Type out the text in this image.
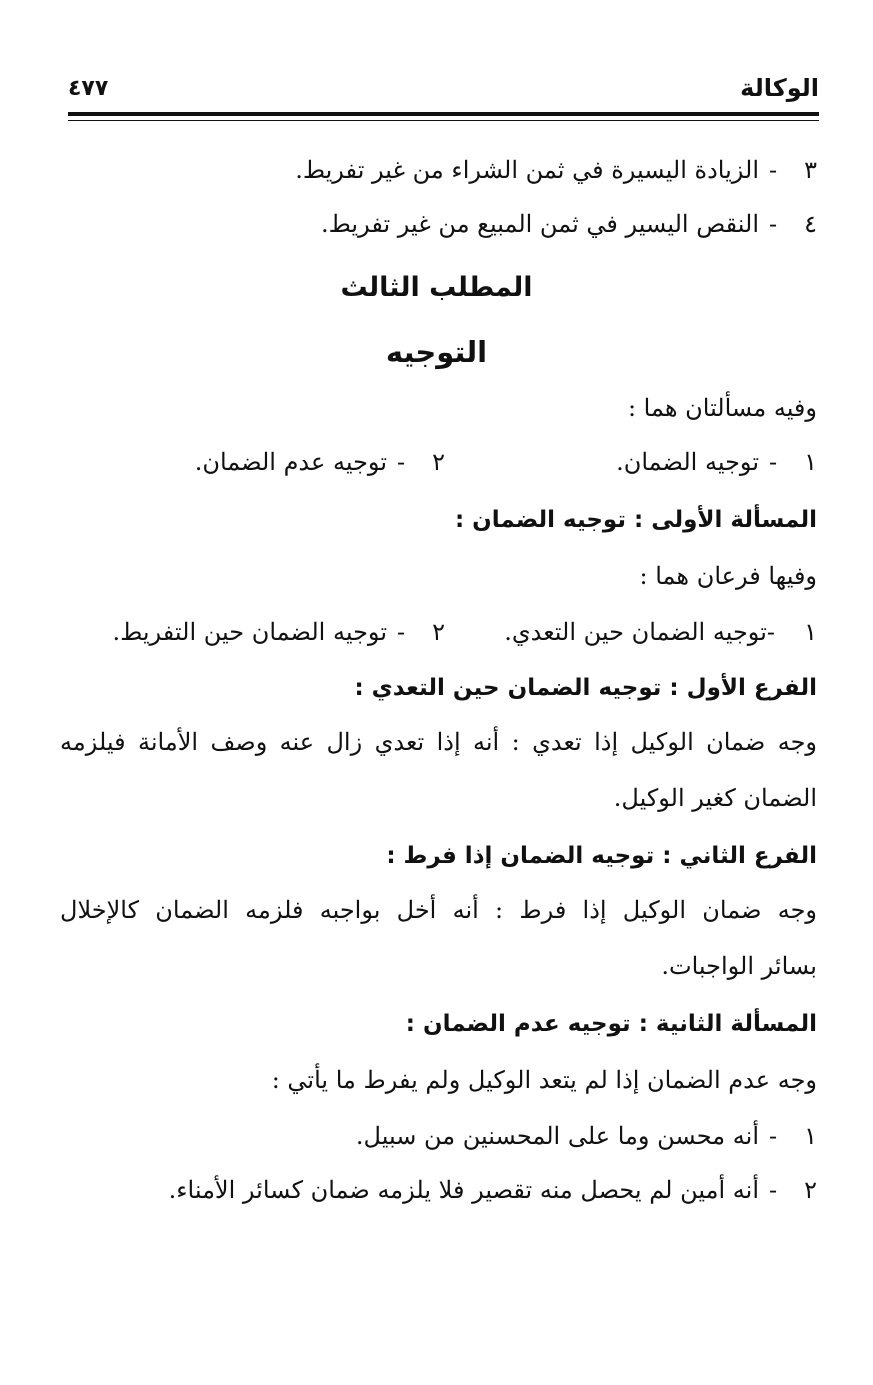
الوكالة
٤٧٧
٣-الزيادة اليسيرة في ثمن الشراء من غير تفريط.
٤-النقص اليسير في ثمن المبيع من غير تفريط.
المطلب الثالث
التوجيه
وفيه مسألتان هما :
١-توجيه الضمان.
٢-توجيه عدم الضمان.
المسألة الأولى : توجيه الضمان :
وفيها فرعان هما :
١-توجيه الضمان حين التعدي.
٢-توجيه الضمان حين التفريط.
الفرع الأول : توجيه الضمان حين التعدي :
وجه ضمان الوكيل إذا تعدي : أنه إذا تعدي زال عنه وصف الأمانة فيلزمه
الضمان كغير الوكيل.
الفرع الثاني : توجيه الضمان إذا فرط :
وجه ضمان الوكيل إذا فرط : أنه أخل بواجبه فلزمه الضمان كالإخلال
بسائر الواجبات.
المسألة الثانية : توجيه عدم الضمان :
وجه عدم الضمان إذا لم يتعد الوكيل ولم يفرط ما يأتي :
١-أنه محسن وما على المحسنين من سبيل.
٢-أنه أمين لم يحصل منه تقصير فلا يلزمه ضمان كسائر الأمناء.
